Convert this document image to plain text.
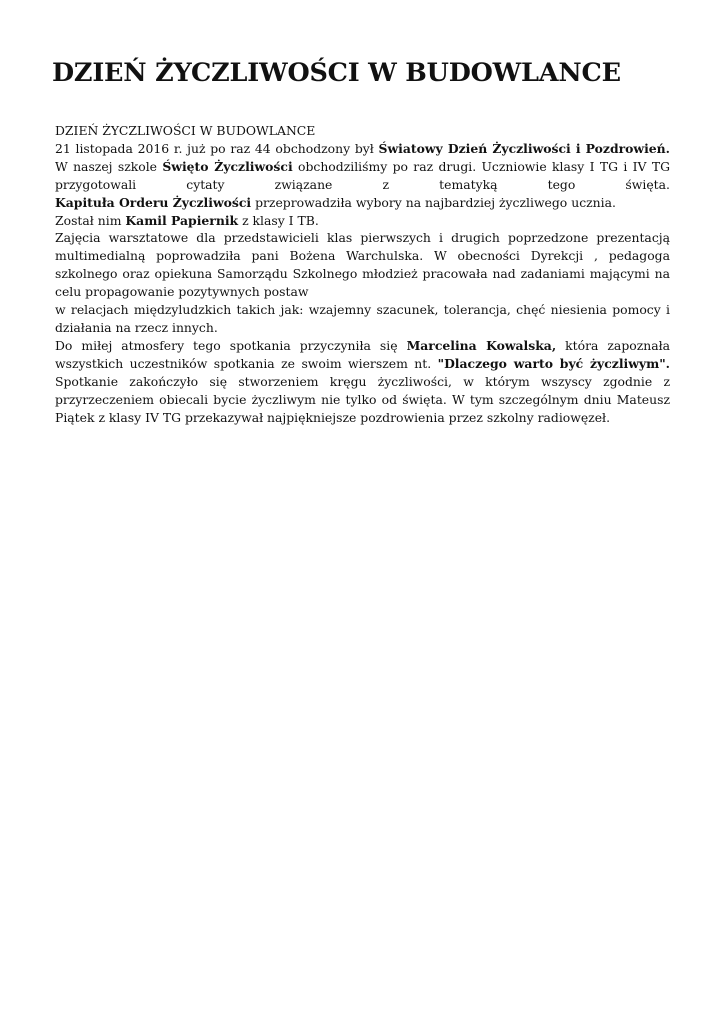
DZIEŃ ŻYCZLIWOŚCI W BUDOWLANCE

DZIEŃ ŻYCZLIWOŚCI W BUDOWLANCE

21 listopada 2016 r. już po raz 44 obchodzony był Światowy Dzień Życzliwości i Pozdrowień. W naszej szkole Święto Życzliwości obchodziliśmy po raz drugi. Uczniowie klasy I TG i IV TG przygotowali cytaty związane z tematyką tego święta.

Kapituła Orderu Życzliwości przeprowadziła wybory na najbardziej życzliwego ucznia.

Został nim Kamil Papiernik z klasy I TB.

Zajęcia warsztatowe dla przedstawicieli klas pierwszych i drugich poprzedzone prezentacją multimedialną poprowadziła pani Bożena Warchulska. W obecności Dyrekcji , pedagoga szkolnego oraz opiekuna Samorządu Szkolnego młodzież pracowała nad zadaniami mającymi na celu propagowanie pozytywnych postaw

w relacjach międzyludzkich takich jak: wzajemny szacunek, tolerancja, chęć niesienia pomocy i działania na rzecz innych.

Do miłej atmosfery tego spotkania przyczyniła się Marcelina Kowalska, która zapoznała wszystkich uczestników spotkania ze swoim wierszem nt. "Dlaczego warto być życzliwym". Spotkanie zakończyło się stworzeniem kręgu życzliwości, w którym wszyscy zgodnie z przyrzeczeniem obiecali bycie życzliwym nie tylko od święta. W tym szczególnym dniu Mateusz Piątek z klasy IV TG przekazywał najpiękniejsze pozdrowienia przez szkolny radiowęzeł.
